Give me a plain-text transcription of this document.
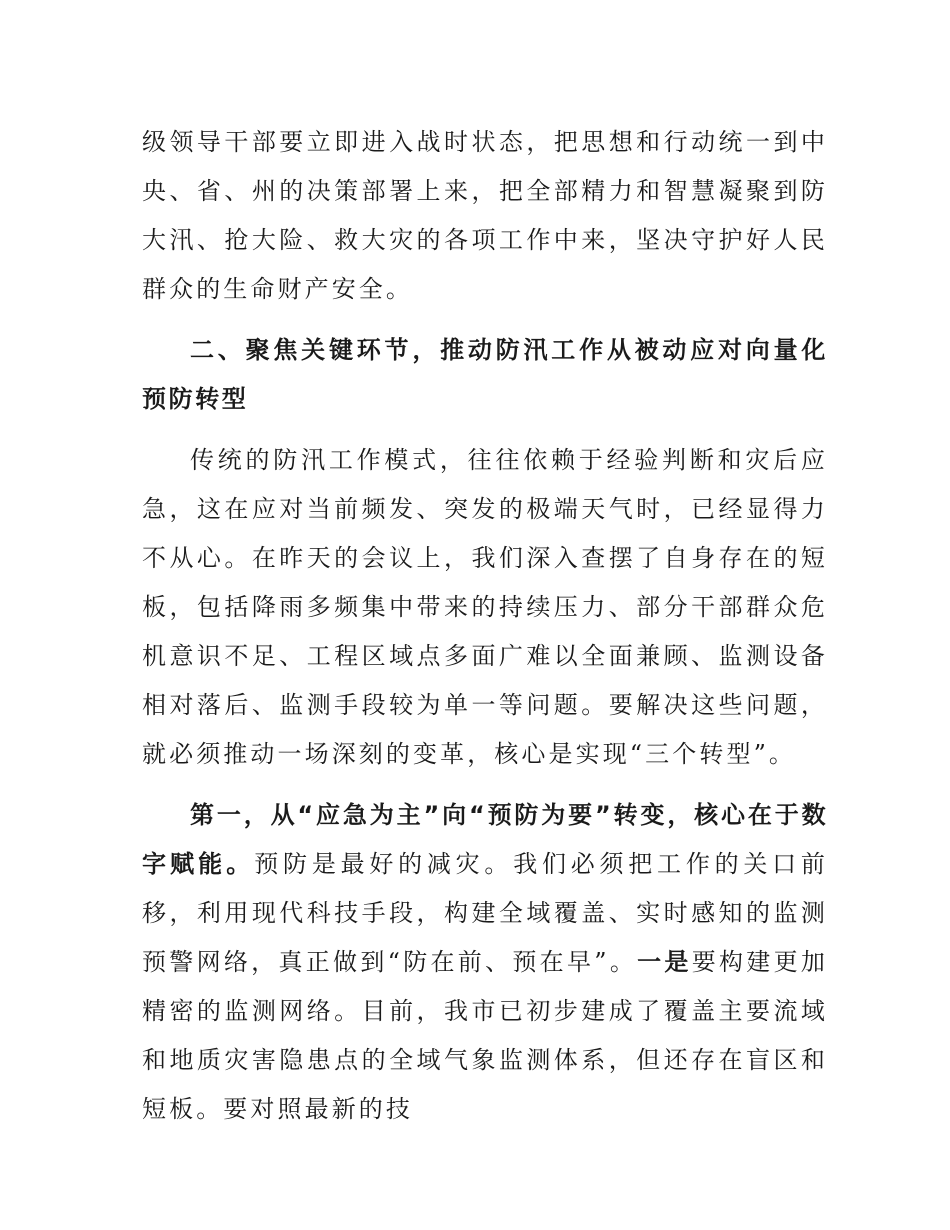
级领导干部要立即进入战时状态，把思想和行动统一到中央、省、州的决策部署上来，把全部精力和智慧凝聚到防大汛、抢大险、救大灾的各项工作中来，坚决守护好人民群众的生命财产安全。

二、聚焦关键环节，推动防汛工作从被动应对向量化预防转型

传统的防汛工作模式，往往依赖于经验判断和灾后应急，这在应对当前频发、突发的极端天气时，已经显得力不从心。在昨天的会议上，我们深入查摆了自身存在的短板，包括降雨多频集中带来的持续压力、部分干部群众危机意识不足、工程区域点多面广难以全面兼顾、监测设备相对落后、监测手段较为单一等问题。要解决这些问题，就必须推动一场深刻的变革，核心是实现“三个转型”。

第一，从“应急为主”向“预防为要”转变，核心在于数字赋能。预防是最好的减灾。我们必须把工作的关口前移，利用现代科技手段，构建全域覆盖、实时感知的监测预警网络，真正做到“防在前、预在早”。一是要构建更加精密的监测网络。目前，我市已初步建成了覆盖主要流域和地质灾害隐患点的全域气象监测体系，但还存在盲区和短板。要对照最新的技
